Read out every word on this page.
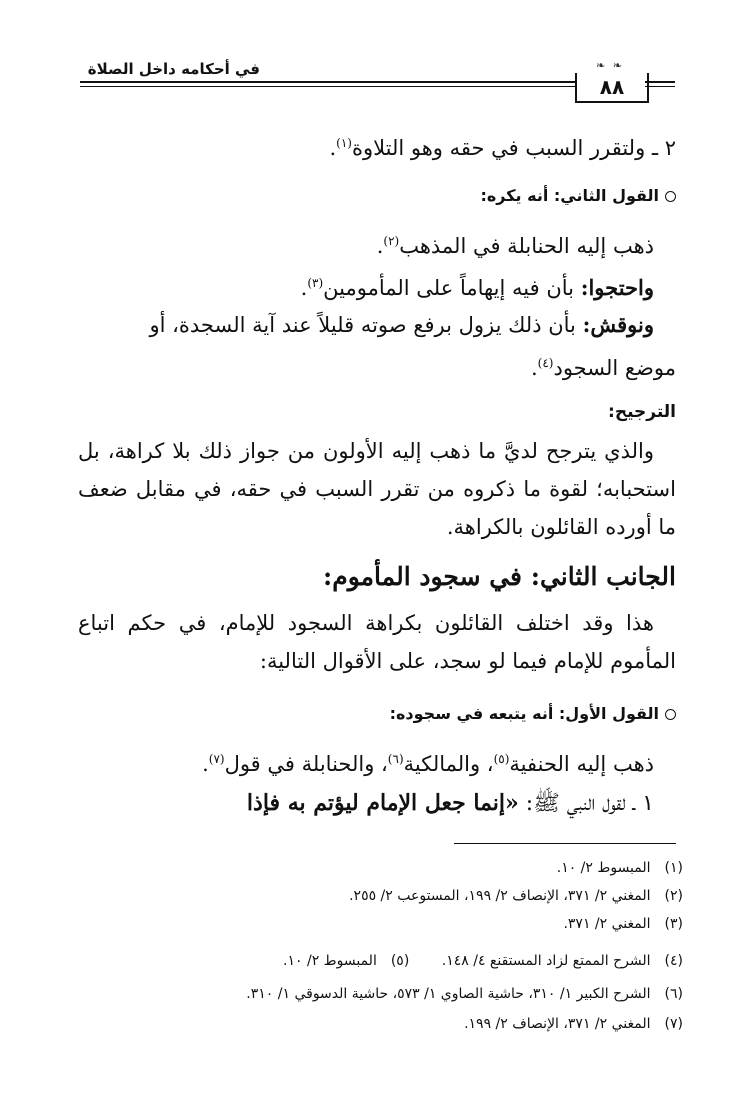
في أحكامه داخل الصلاة	❧ ❧
٨٨
٢ ـ ولتقرر السبب في حقه وهو التلاوة$^{(١)}$.
القول الثاني: أنه يكره:
ذهب إليه الحنابلة في المذهب$^{(٢)}$.
واحتجوا: بأن فيه إيهاماً على المأمومين$^{(٣)}$.
ونوقش: بأن ذلك يزول برفع صوته قليلاً عند آية السجدة، أو
موضع السجود$^{(٤)}$.
الترجيح:
والذي يترجح لديَّ ما ذهب إليه الأولون من جواز ذلك بلا كراهة، بل استحبابه؛ لقوة ما ذكروه من تقرر السبب في حقه، في مقابل ضعف ما أورده القائلون بالكراهة.
الجانب الثاني: في سجود المأموم:
هذا وقد اختلف القائلون بكراهة السجود للإمام، في حكم اتباع المأموم للإمام فيما لو سجد، على الأقوال التالية:
القول الأول: أنه يتبعه في سجوده:
ذهب إليه الحنفية$^{(٥)}$، والمالكية$^{(٦)}$، والحنابلة في قول$^{(٧)}$.
١ ـ لقول النبي ﷺ: «إنما جعل الإمام ليؤتم به فإذا
(١)المبسوط ٢/ ١٠.
(٢)المغني ٢/ ٣٧١، الإنصاف ٢/ ١٩٩، المستوعب ٢/ ٢٥٥.
(٣)المغني ٢/ ٣٧١.
(٤)الشرح الممتع لزاد المستقنع ٤/ ١٤٨. (٥)المبسوط ٢/ ١٠.
(٦)الشرح الكبير ١/ ٣١٠، حاشية الصاوي ١/ ٥٧٣، حاشية الدسوقي ١/ ٣١٠.
(٧)المغني ٢/ ٣٧١، الإنصاف ٢/ ١٩٩.
